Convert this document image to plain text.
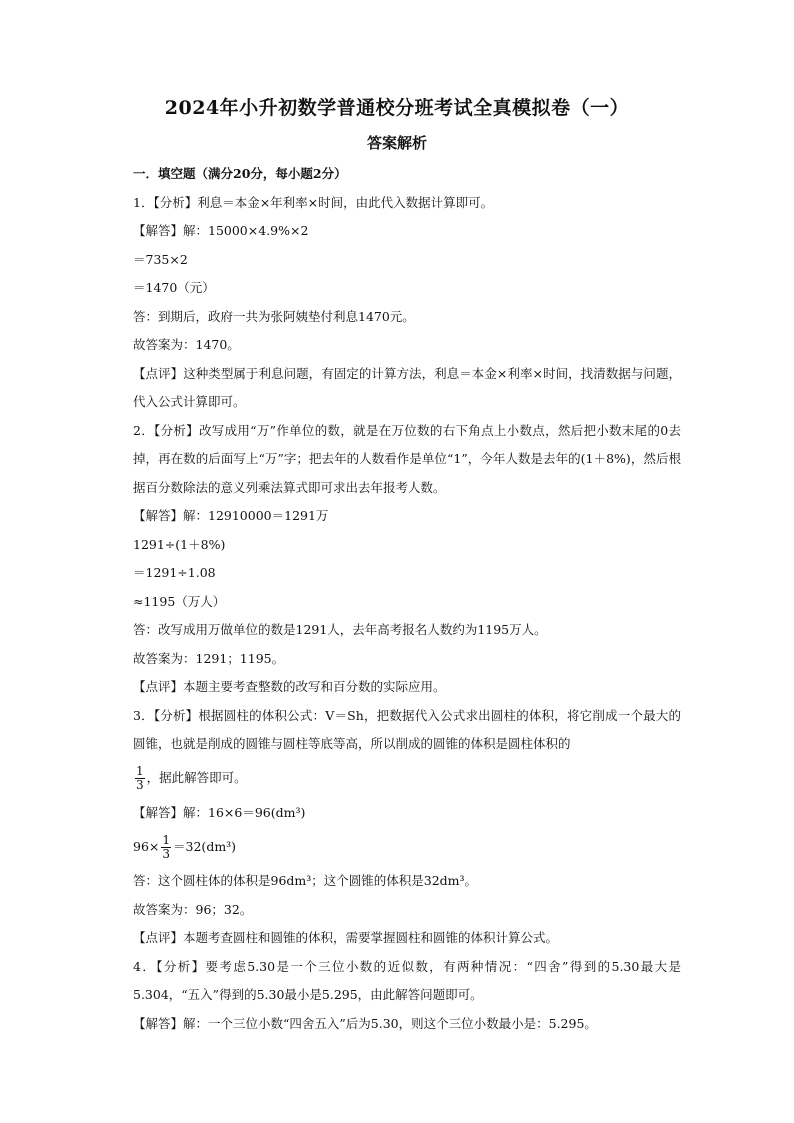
2024年小升初数学普通校分班考试全真模拟卷（一）
答案解析
一．填空题（满分20分，每小题2分）
1．【分析】利息＝本金×年利率×时间，由此代入数据计算即可。
【解答】解：15000×4.9%×2
＝735×2
＝1470（元）
答：到期后，政府一共为张阿姨垫付利息1470元。
故答案为：1470。
【点评】这种类型属于利息问题，有固定的计算方法，利息＝本金×利率×时间，找清数据与问题，代入公式计算即可。
2．【分析】改写成用“万”作单位的数，就是在万位数的右下角点上小数点，然后把小数末尾的0去掉，再在数的后面写上“万”字；把去年的人数看作是单位“1”，今年人数是去年的(1＋8%)，然后根据百分数除法的意义列乘法算式即可求出去年报考人数。
【解答】解：12910000＝1291万
1291÷(1＋8%)
＝1291÷1.08
≈1195（万人）
答：改写成用万做单位的数是1291人，去年高考报名人数约为1195万人。
故答案为：1291；1195。
【点评】本题主要考查整数的改写和百分数的实际应用。
3．【分析】根据圆柱的体积公式：V＝Sh，把数据代入公式求出圆柱的体积，将它削成一个最大的圆锥，也就是削成的圆锥与圆柱等底等高，所以削成的圆锥的体积是圆柱体积的
$\frac{1}{3}$ ，据此解答即可。
【解答】解：16×6＝96(dm³)
$96\times \frac{1}{3} =32(dm^3)$
答：这个圆柱体的体积是96dm³；这个圆锥的体积是32dm³。
故答案为：96；32。
【点评】本题考查圆柱和圆锥的体积，需要掌握圆柱和圆锥的体积计算公式。
4．【分析】要考虑5.30是一个三位小数的近似数，有两种情况：“四舍”得到的5.30最大是5.304，“五入”得到的5.30最小是5.295，由此解答问题即可。
【解答】解：一个三位小数“四舍五入”后为5.30，则这个三位小数最小是：5.295。
